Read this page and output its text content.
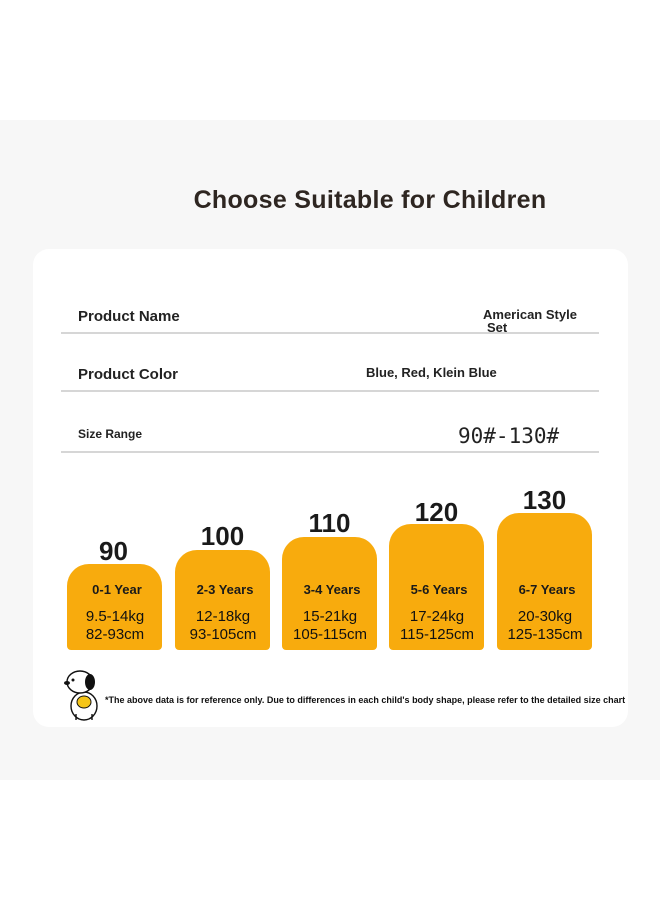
Choose Suitable for Children
Product Name	American Style
Set
Product Color	Blue, Red, Klein Blue
Size Range	90#-130#
90
0-1 Year
9.5-14kg
82-93cm
100
2-3 Years
12-18kg
93-105cm
110
3-4 Years
15-21kg
105-115cm
120
5-6 Years
17-24kg
115-125cm
130
6-7 Years
20-30kg
125-135cm
*The above data is for reference only. Due to differences in each child's body shape, please refer to the detailed size chart
